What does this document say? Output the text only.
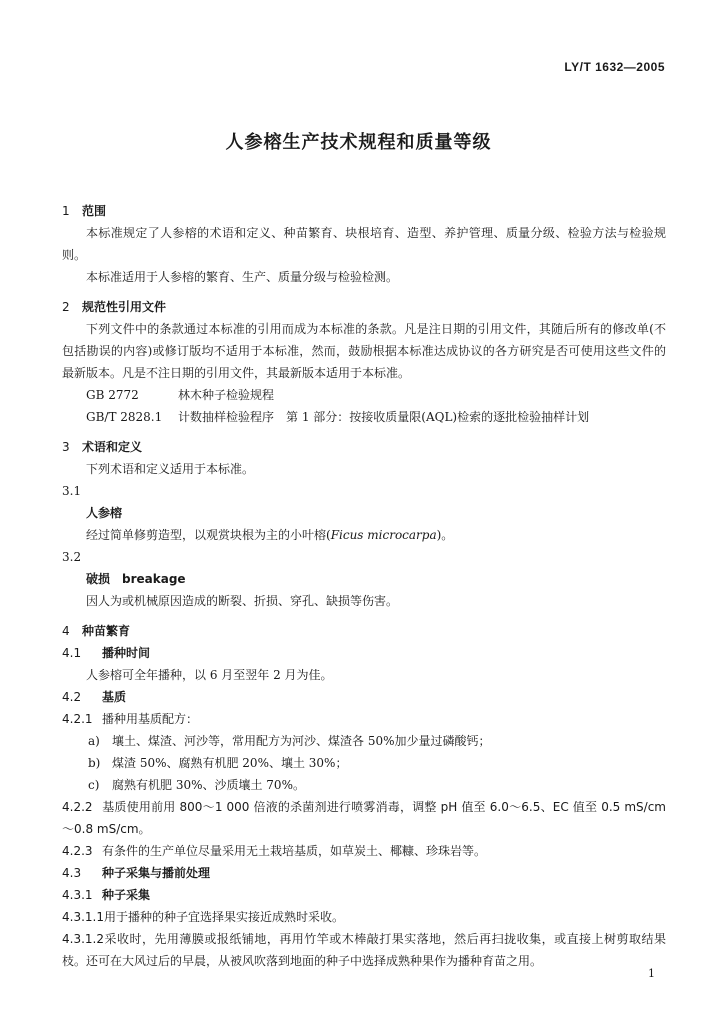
LY/T 1632—2005
人参榕生产技术规程和质量等级
1 范围
本标准规定了人参榕的术语和定义、种苗繁育、块根培育、造型、养护管理、质量分级、检验方法与检验规则。
本标准适用于人参榕的繁育、生产、质量分级与检验检测。
2 规范性引用文件
下列文件中的条款通过本标准的引用而成为本标准的条款。凡是注日期的引用文件，其随后所有的修改单(不包括勘误的内容)或修订版均不适用于本标准，然而，鼓励根据本标准达成协议的各方研究是否可使用这些文件的最新版本。凡是不注日期的引用文件，其最新版本适用于本标准。
GB 2772	林木种子检验规程
GB/T 2828.1 计数抽样检验程序　第 1 部分：按接收质量限(AQL)检索的逐批检验抽样计划
3 术语和定义
下列术语和定义适用于本标准。
3.1
人参榕
经过简单修剪造型，以观赏块根为主的小叶榕(Ficus microcarpa)。
3.2
破损　breakage
因人为或机械原因造成的断裂、折损、穿孔、缺损等伤害。
4 种苗繁育
4.1 播种时间
人参榕可全年播种，以 6 月至翌年 2 月为佳。
4.2 基质
4.2.1 播种用基质配方：
a) 壤土、煤渣、河沙等，常用配方为河沙、煤渣各 50%加少量过磷酸钙；
b) 煤渣 50%、腐熟有机肥 20%、壤土 30%；
c) 腐熟有机肥 30%、沙质壤土 70%。
4.2.2 基质使用前用 800～1 000 倍液的杀菌剂进行喷雾消毒，调整 pH 值至 6.0～6.5、EC 值至 0.5 mS/cm～0.8 mS/cm。
4.2.3 有条件的生产单位尽量采用无土栽培基质，如草炭土、椰糠、珍珠岩等。
4.3 种子采集与播前处理
4.3.1 种子采集
4.3.1.1用于播种的种子宜选择果实接近成熟时采收。
4.3.1.2采收时，先用薄膜或报纸铺地，再用竹竿或木棒敲打果实落地，然后再扫拢收集，或直接上树剪取结果枝。还可在大风过后的早晨，从被风吹落到地面的种子中选择成熟种果作为播种育苗之用。
1
